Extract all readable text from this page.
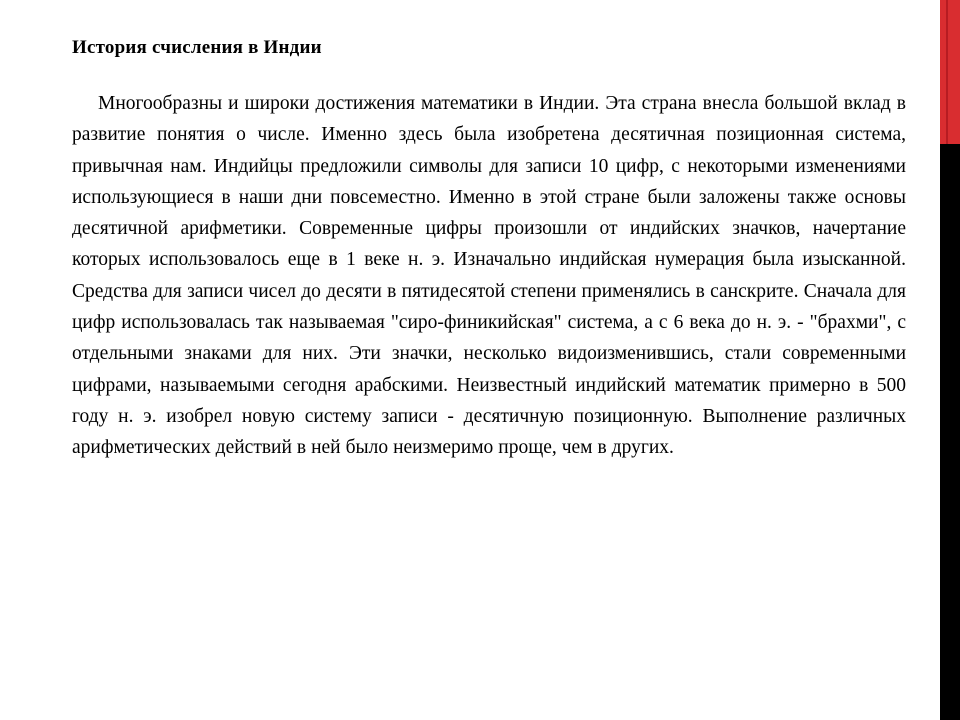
История счисления в Индии
Многообразны и широки достижения математики в Индии. Эта страна внесла большой вклад в развитие понятия о числе. Именно здесь была изобретена десятичная позиционная система, привычная нам. Индийцы предложили символы для записи 10 цифр, с некоторыми изменениями использующиеся в наши дни повсеместно. Именно в этой стране были заложены также основы десятичной арифметики. Современные цифры произошли от индийских значков, начертание которых использовалось еще в 1 веке н. э. Изначально индийская нумерация была изысканной. Средства для записи чисел до десяти в пятидесятой степени применялись в санскрите. Сначала для цифр использовалась так называемая "сиро-финикийская" система, а с 6 века до н. э. - "брахми", с отдельными знаками для них. Эти значки, несколько видоизменившись, стали современными цифрами, называемыми сегодня арабскими. Неизвестный индийский математик примерно в 500 году н. э. изобрел новую систему записи - десятичную позиционную. Выполнение различных арифметических действий в ней было неизмеримо проще, чем в других.
